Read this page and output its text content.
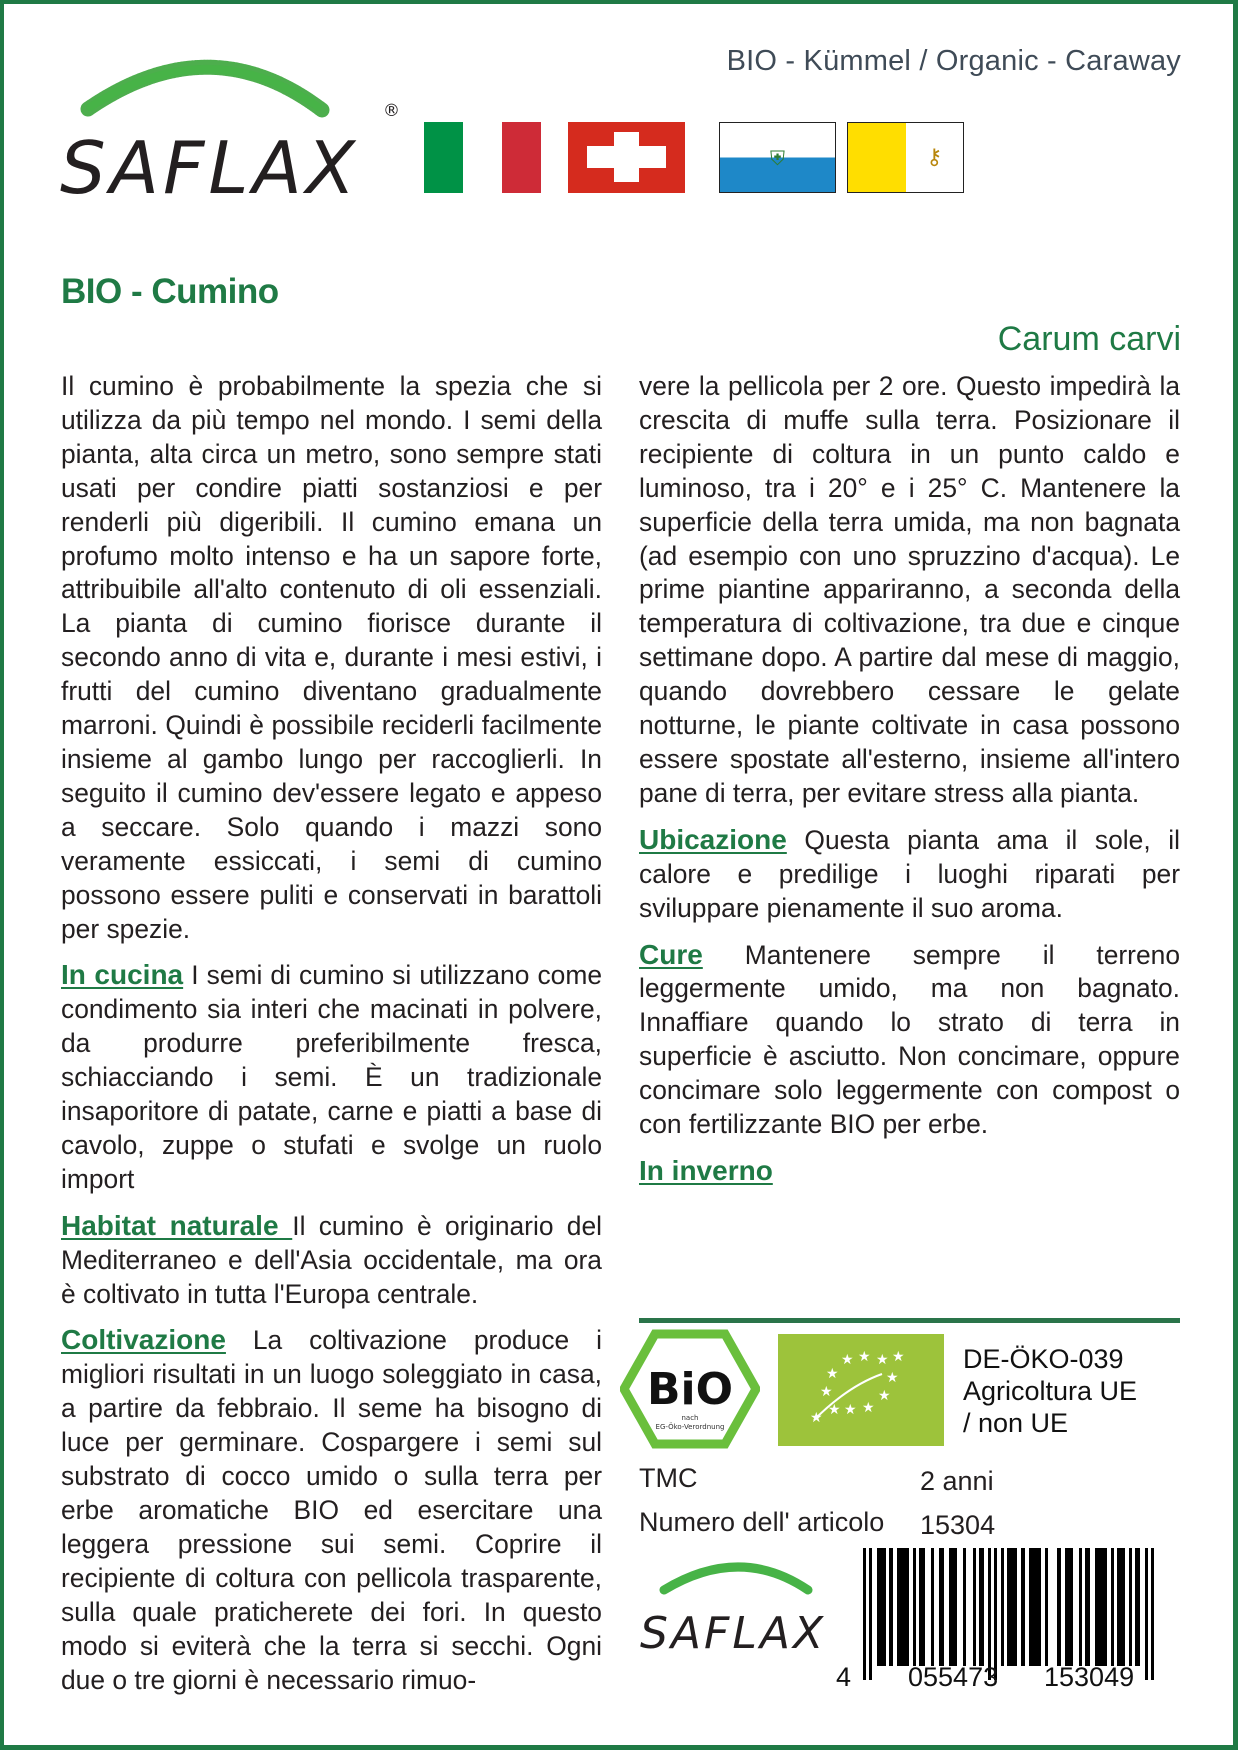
SAFLAX
®
BIO - Kümmel / Organic - Caraway
⛨	⚷
BIO - Cumino
Carum carvi

Il cumino è probabilmente la spezia che si utilizza da più tempo nel mondo. I semi della pianta, alta circa un metro, sono sempre stati usati per condire piatti sostanziosi e per renderli più digeribili. Il cumino emana un profumo molto intenso e ha un sapore forte, attribuibile all'alto contenuto di oli essenziali. La pianta di cumino fiorisce durante il secondo anno di vita e, durante i mesi estivi, i frutti del cumino diventano gradualmente marroni. Quindi è possibile reciderli facilmente insieme al gambo lungo per raccoglierli. In seguito il cumino dev'essere legato e appeso a seccare. Solo quando i mazzi sono veramente essiccati, i semi di cumino possono essere puliti e conservati in barattoli per spezie.

In cucina I semi di cumino si utilizzano come condimento sia interi che macinati in polvere, da produrre preferibilmente fresca, schiacciando i semi. È un tradizionale insaporitore di patate, carne e piatti a base di cavolo, zuppe o stufati e svolge un ruolo import

Habitat naturale Il cumino è originario del Mediterraneo e dell'Asia occidentale, ma ora è coltivato in tutta l'Europa centrale.

Coltivazione La coltivazione produce i migliori risultati in un luogo soleggiato in casa, a partire da febbraio. Il seme ha bisogno di luce per germinare. Cospargere i semi sul substrato di cocco umido o sulla terra per erbe aromatiche BIO ed esercitare una leggera pressione sui semi. Coprire il recipiente di coltura con pellicola trasparente, sulla quale praticherete dei fori. In questo modo si eviterà che la terra si secchi. Ogni due o tre giorni è necessario rimuo-

vere la pellicola per 2 ore. Questo impedirà la crescita di muffe sulla terra. Posizionare il recipiente di coltura in un punto caldo e luminoso, tra i 20° e i 25° C. Mantenere la superficie della terra umida, ma non bagnata (ad esempio con uno spruzzino d'acqua). Le prime piantine appariranno, a seconda della temperatura di coltivazione, tra due e cinque settimane dopo. A partire dal mese di maggio, quando dovrebbero cessare le gelate notturne, le piante coltivate in casa possono essere spostate all'esterno, insieme all'intero pane di terra, per evitare stress alla pianta.

Ubicazione Questa pianta ama il sole, il calore e predilige i luoghi riparati per sviluppare pienamente il suo aroma.

Cure Mantenere sempre il terreno leggermente umido, ma non bagnato. Innaffiare quando lo strato di terra in superficie è asciutto. Non concimare, oppure concimare solo leggermente con compost o con fertilizzante BIO per erbe.

In inverno

BiO
nach
EG-Öko-Verordnung
★
★ ★ ★ ★
★
★	★
★
★
★
★
DE-ÖKO-039
Agricoltura UE
/ non UE
TMC	2 anni
Numero dell' articolo 15304
SAFLAX
4 055473 153049
